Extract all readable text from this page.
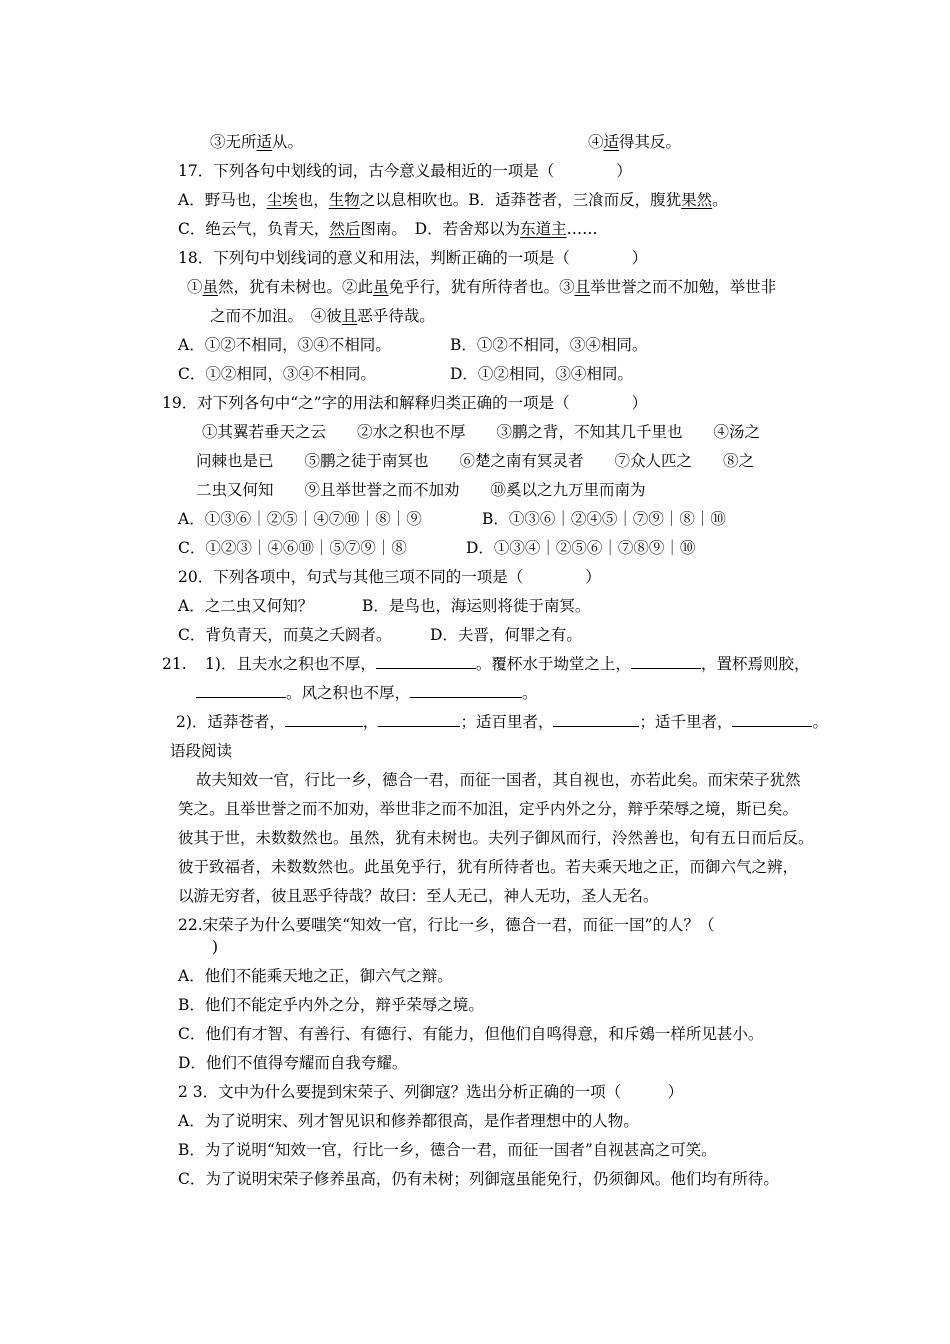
③无所适从。	④适得其反。
17．下列各句中划线的词，古今意义最相近的一项是（　　　　）
A．野马也，尘埃也，生物之以息相吹也。B．适莽苍者，三飡而反，腹犹果然。
C．绝云气，负青天，然后图南。　D．若舍郑以为东道主……
18．下列句中划线词的意义和用法，判断正确的一项是（　　　　）
①虽然，犹有未树也。②此虽免乎行，犹有所待者也。③且举世誉之而不加勉，举世非
之而不加沮。　④彼且恶乎待哉。
A．①②不相同，③④不相同。	B．①②不相同，③④相同。
C．①②相同，③④不相同。	D．①②相同，③④相同。
19．对下列各句中“之”字的用法和解释归类正确的一项是（　　　　）
①其翼若垂天之云　　②水之积也不厚　　③鹏之背，不知其几千里也　　④汤之
问棘也是已　　⑤鹏之徒于南冥也　　⑥楚之南有冥灵者　　⑦众人匹之　　⑧之
二虫又何知　　⑨且举世誉之而不加劝　　⑩奚以之九万里而南为
A．①③⑥｜②⑤｜④⑦⑩｜⑧｜⑨	B．①③⑥｜②④⑤｜⑦⑨｜⑧｜⑩
C．①②③｜④⑥⑩｜⑤⑦⑨｜⑧	D．①③④｜②⑤⑥｜⑦⑧⑨｜⑩
20．下列各项中，句式与其他三项不同的一项是（　　　　）
A．之二虫又何知？	B．是鸟也，海运则将徙于南冥。
C．背负青天，而莫之夭阏者。 D．夫晋，何罪之有。
21. 1)．且夫水之积也不厚，	。覆杯水于坳堂之上，	，置杯焉则胶，
。风之积也不厚，	。
2)．适莽苍者，	，	；适百里者，	；适千里者，	。
语段阅读
故夫知效一官，行比一乡，德合一君，而征一国者，其自视也，亦若此矣。而宋荣子犹然
笑之。且举世誉之而不加劝，举世非之而不加沮，定乎内外之分，辩乎荣辱之境，斯已矣。
彼其于世，未数数然也。虽然，犹有未树也。夫列子御风而行，泠然善也，旬有五日而后反。
彼于致福者，未数数然也。此虽免乎行，犹有所待者也。若夫乘天地之正，而御六气之辨，
以游无穷者，彼且恶乎待哉？故曰：至人无己，神人无功，圣人无名。
22.宋荣子为什么要嗤笑“知效一官，行比一乡，德合一君，而征一国”的人？（
)
A．他们不能乘天地之正，御六气之辩。
B．他们不能定乎内外之分，辩乎荣辱之境。
C．他们有才智、有善行、有德行、有能力，但他们自鸣得意，和斥鴳一样所见甚小。
D．他们不值得夸耀而自我夸耀。
2 3．文中为什么要提到宋荣子、列御寇？选出分析正确的一项（　　　）
A．为了说明宋、列才智见识和修养都很高，是作者理想中的人物。
B．为了说明“知效一官，行比一乡，德合一君，而征一国者”自视甚高之可笑。
C．为了说明宋荣子修养虽高，仍有未树；列御寇虽能免行，仍须御风。他们均有所待。
